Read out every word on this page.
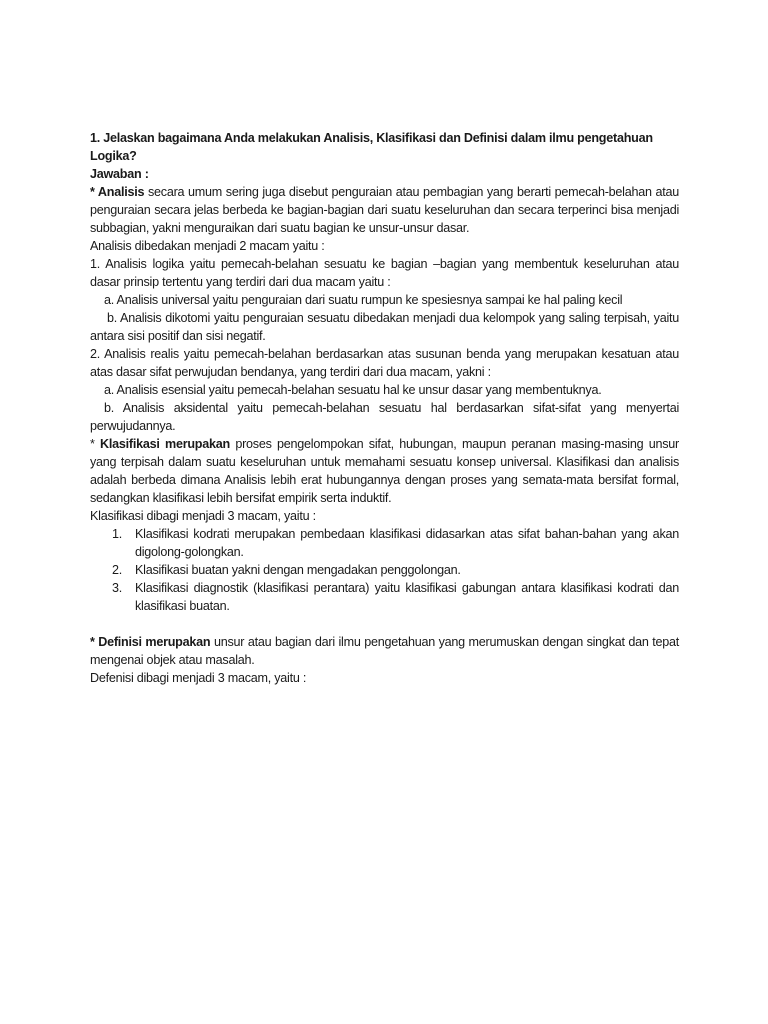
1. Jelaskan bagaimana Anda melakukan Analisis, Klasifikasi dan Definisi dalam ilmu pengetahuan Logika?

Jawaban :

* Analisis secara umum sering juga disebut penguraian atau pembagian yang berarti pemecah-belahan atau penguraian secara jelas berbeda ke bagian-bagian dari suatu keseluruhan dan secara terperinci bisa menjadi subbagian, yakni menguraikan dari suatu bagian ke unsur-unsur dasar.

Analisis dibedakan menjadi 2 macam yaitu :

1. Analisis logika yaitu pemecah-belahan sesuatu ke bagian –bagian yang membentuk keseluruhan atau dasar prinsip tertentu yang terdiri dari dua macam yaitu :

a. Analisis universal yaitu penguraian dari suatu rumpun ke spesiesnya sampai ke hal paling kecil

b. Analisis dikotomi yaitu penguraian sesuatu dibedakan menjadi dua kelompok yang saling terpisah, yaitu antara sisi positif dan sisi negatif.

2. Analisis realis yaitu pemecah-belahan berdasarkan atas susunan benda yang merupakan kesatuan atau atas dasar sifat perwujudan bendanya, yang terdiri dari dua macam, yakni :

a. Analisis esensial yaitu pemecah-belahan sesuatu hal ke unsur dasar yang membentuknya.

b. Analisis aksidental yaitu pemecah-belahan sesuatu hal berdasarkan sifat-sifat yang menyertai perwujudannya.

* Klasifikasi merupakan proses pengelompokan sifat, hubungan, maupun peranan masing-masing unsur yang terpisah dalam suatu keseluruhan untuk memahami sesuatu konsep universal. Klasifikasi dan analisis adalah berbeda dimana Analisis lebih erat hubungannya dengan proses yang semata-mata bersifat formal, sedangkan klasifikasi lebih bersifat empirik serta induktif.

Klasifikasi dibagi menjadi 3 macam, yaitu :

1. Klasifikasi kodrati merupakan pembedaan klasifikasi didasarkan atas sifat bahan-bahan yang akan digolong-golongkan.
2. Klasifikasi buatan yakni dengan mengadakan penggolongan.
3. Klasifikasi diagnostik (klasifikasi perantara) yaitu klasifikasi gabungan antara klasifikasi kodrati dan klasifikasi buatan.

* Definisi merupakan unsur atau bagian dari ilmu pengetahuan yang merumuskan dengan singkat dan tepat mengenai objek atau masalah.

Defenisi dibagi menjadi 3 macam, yaitu :
